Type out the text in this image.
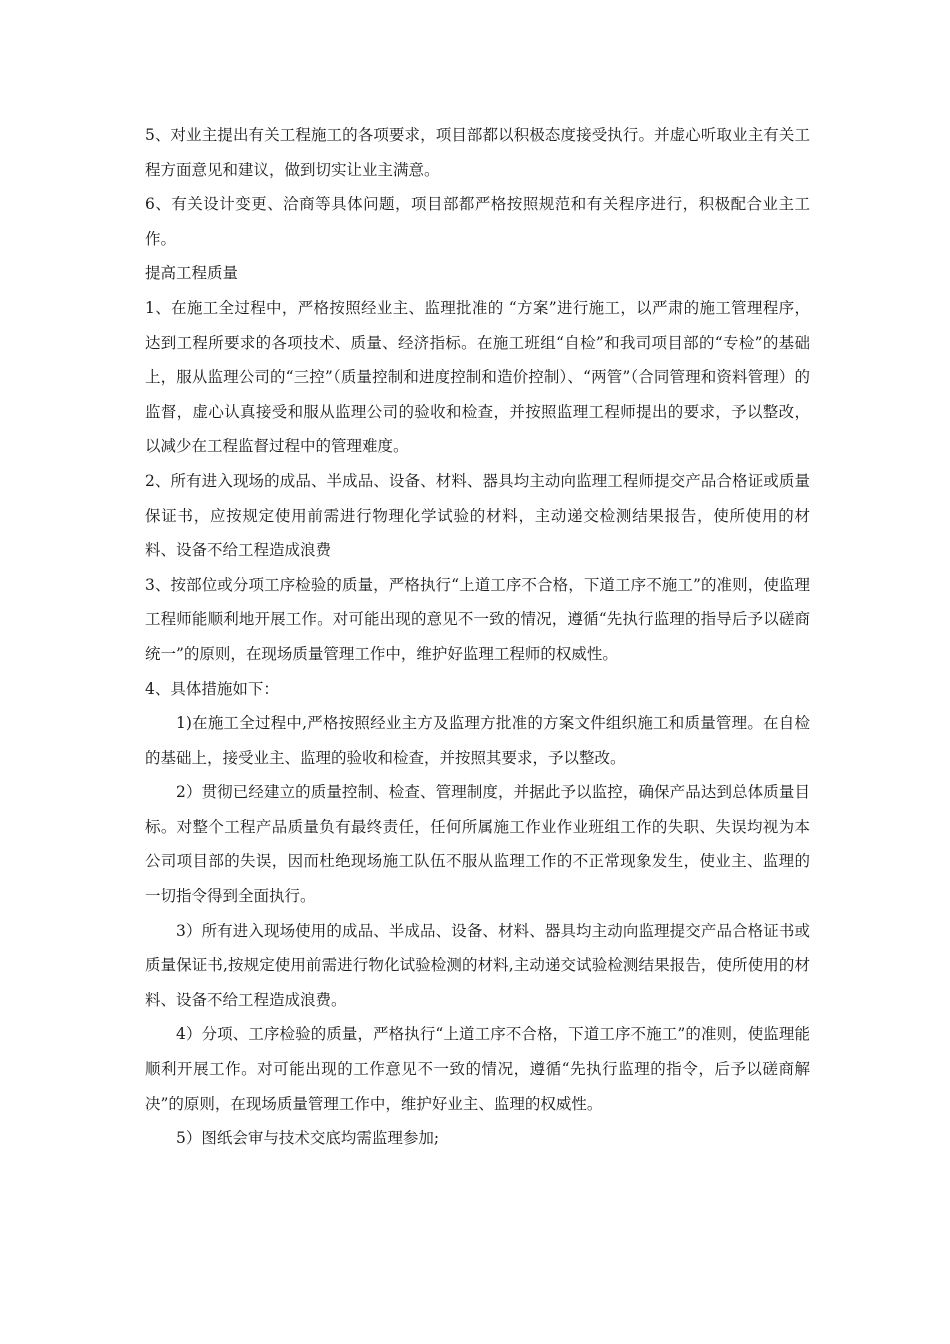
5、对业主提出有关工程施工的各项要求，项目部都以积极态度接受执行。并虚心听取业主有关工程方面意见和建议，做到切实让业主满意。

6、有关设计变更、洽商等具体问题，项目部都严格按照规范和有关程序进行，积极配合业主工作。

提高工程质量

1、在施工全过程中，严格按照经业主、监理批准的 “方案”进行施工，以严肃的施工管理程序，达到工程所要求的各项技术、质量、经济指标。在施工班组“自检”和我司项目部的“专检”的基础上，服从监理公司的“三控”（质量控制和进度控制和造价控制）、“两管”（合同管理和资料管理）的监督，虚心认真接受和服从监理公司的验收和检查，并按照监理工程师提出的要求，予以整改，以减少在工程监督过程中的管理难度。

2、所有进入现场的成品、半成品、设备、材料、器具均主动向监理工程师提交产品合格证或质量保证书，应按规定使用前需进行物理化学试验的材料，主动递交检测结果报告，使所使用的材料、设备不给工程造成浪费

3、按部位或分项工序检验的质量，严格执行“上道工序不合格，下道工序不施工”的准则，使监理工程师能顺利地开展工作。对可能出现的意见不一致的情况，遵循“先执行监理的指导后予以磋商统一”的原则，在现场质量管理工作中，维护好监理工程师的权威性。

4、具体措施如下：

1)在施工全过程中,严格按照经业主方及监理方批准的方案文件组织施工和质量管理。在自检的基础上，接受业主、监理的验收和检查，并按照其要求，予以整改。

2）贯彻已经建立的质量控制、检查、管理制度，并据此予以监控，确保产品达到总体质量目标。对整个工程产品质量负有最终责任，任何所属施工作业作业班组工作的失职、失误均视为本公司项目部的失误，因而杜绝现场施工队伍不服从监理工作的不正常现象发生，使业主、监理的一切指令得到全面执行。

3）所有进入现场使用的成品、半成品、设备、材料、器具均主动向监理提交产品合格证书或质量保证书,按规定使用前需进行物化试验检测的材料,主动递交试验检测结果报告，使所使用的材料、设备不给工程造成浪费。

4）分项、工序检验的质量，严格执行“上道工序不合格，下道工序不施工”的准则，使监理能顺利开展工作。对可能出现的工作意见不一致的情况，遵循“先执行监理的指令，后予以磋商解决”的原则，在现场质量管理工作中，维护好业主、监理的权威性。

5）图纸会审与技术交底均需监理参加;
